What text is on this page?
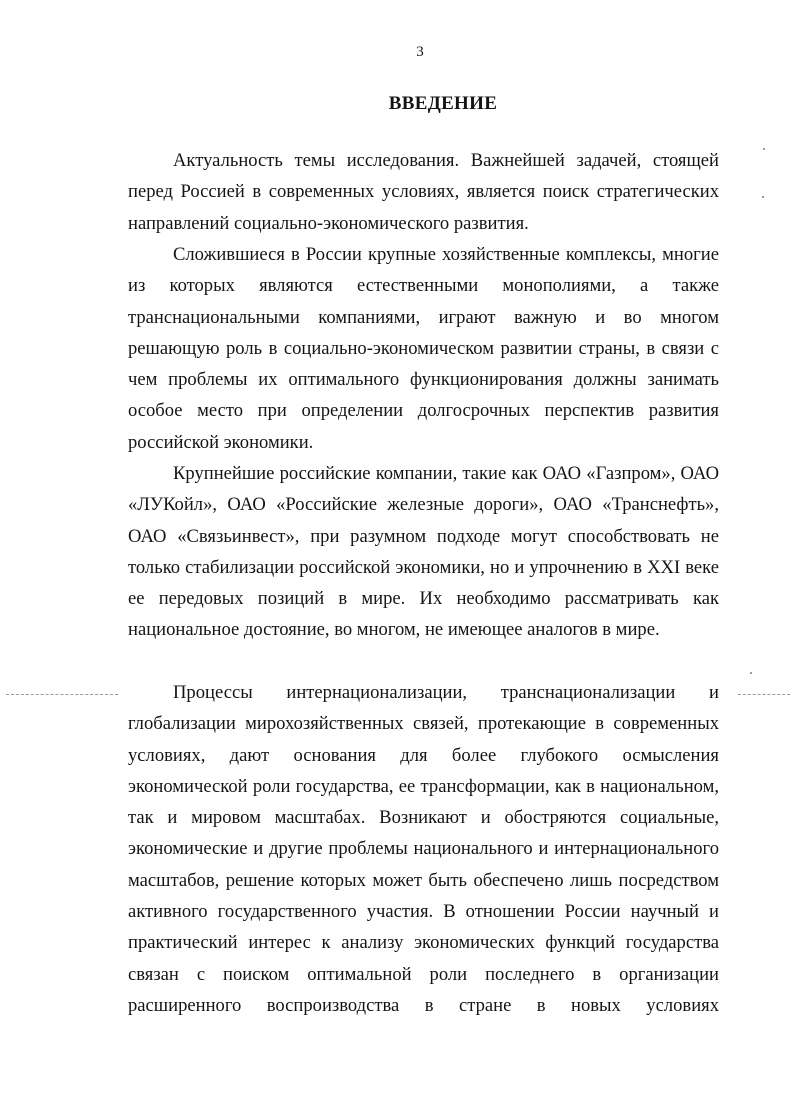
3
ВВЕДЕНИЕ

Актуальность темы исследования. Важнейшей задачей, стоящей перед Россией в современных условиях, является поиск стратегических направлений социально-экономического развития.

Сложившиеся в России крупные хозяйственные комплексы, многие из которых являются естественными монополиями, а также транснациональными компаниями, играют важную и во многом решающую роль в социально-экономическом развитии страны, в связи с чем проблемы их оптимального функционирования должны занимать особое место при определении долгосрочных перспектив развития российской экономики.

Крупнейшие российские компании, такие как ОАО «Газпром», ОАО «ЛУКойл», ОАО «Российские железные дороги», ОАО «Транснефть», ОАО «Связьинвест», при разумном подходе могут способствовать не только стабилизации российской экономики, но и упрочнению в XXI веке ее передовых позиций в мире. Их необходимо рассматривать как национальное достояние, во многом, не имеющее аналогов в мире.

Процессы интернационализации, транснационализации и глобализации мирохозяйственных связей, протекающие в современных условиях, дают основания для более глубокого осмысления экономической роли государства, ее трансформации, как в национальном, так и мировом масштабах. Возникают и обостряются социальные, экономические и другие проблемы национального и интернационального масштабов, решение которых может быть обеспечено лишь посредством активного государственного участия. В отношении России научный и практический интерес к анализу экономических функций государства связан с поиском оптимальной роли последнего в организации расширенного воспроизводства в стране в новых условиях
